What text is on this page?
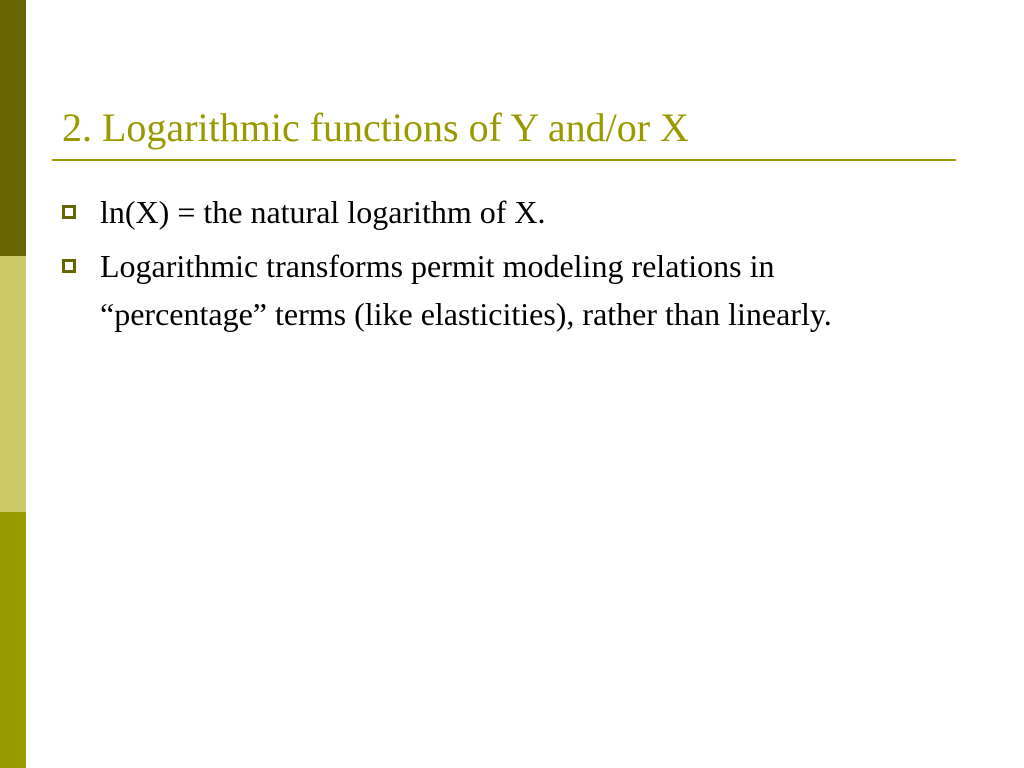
2. Logarithmic functions of Y and/or X
ln(X) = the natural logarithm of X.
Logarithmic transforms permit modeling relations in “percentage” terms (like elasticities), rather than linearly.
